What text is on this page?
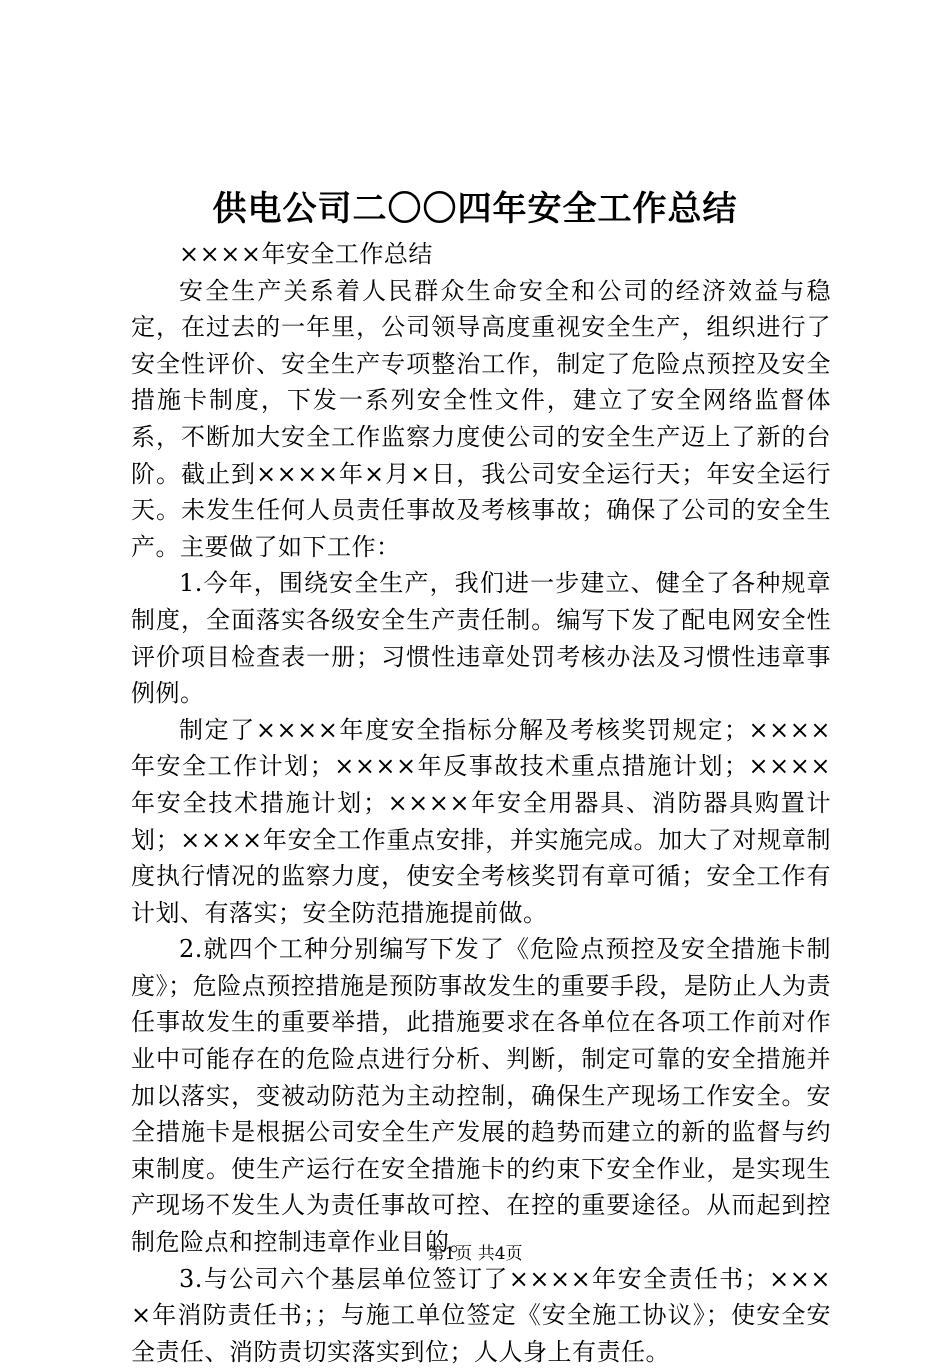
供电公司二〇〇四年安全工作总结

××××年安全工作总结

安全生产关系着人民群众生命安全和公司的经济效益与稳定，在过去的一年里，公司领导高度重视安全生产，组织进行了安全性评价、安全生产专项整治工作，制定了危险点预控及安全措施卡制度，下发一系列安全性文件，建立了安全网络监督体系，不断加大安全工作监察力度使公司的安全生产迈上了新的台阶。截止到××××年×月×日，我公司安全运行天；年安全运行天。未发生任何人员责任事故及考核事故；确保了公司的安全生产。主要做了如下工作：

1.今年，围绕安全生产，我们进一步建立、健全了各种规章制度，全面落实各级安全生产责任制。编写下发了配电网安全性评价项目检查表一册；习惯性违章处罚考核办法及习惯性违章事例例。

制定了××××年度安全指标分解及考核奖罚规定；××××年安全工作计划；××××年反事故技术重点措施计划；××××年安全技术措施计划；××××年安全用器具、消防器具购置计划；××××年安全工作重点安排，并实施完成。加大了对规章制度执行情况的监察力度，使安全考核奖罚有章可循；安全工作有计划、有落实；安全防范措施提前做。

2.就四个工种分别编写下发了《危险点预控及安全措施卡制度》；危险点预控措施是预防事故发生的重要手段，是防止人为责任事故发生的重要举措，此措施要求在各单位在各项工作前对作业中可能存在的危险点进行分析、判断，制定可靠的安全措施并加以落实，变被动防范为主动控制，确保生产现场工作安全。安全措施卡是根据公司安全生产发展的趋势而建立的新的监督与约束制度。使生产运行在安全措施卡的约束下安全作业，是实现生产现场不发生人为责任事故可控、在控的重要途径。从而起到控制危险点和控制违章作业目的。

3.与公司六个基层单位签订了××××年安全责任书；××××年消防责任书；；与施工单位签定《安全施工协议》；使安全安全责任、消防责切实落实到位；人人身上有责任。

第1页 共4页
